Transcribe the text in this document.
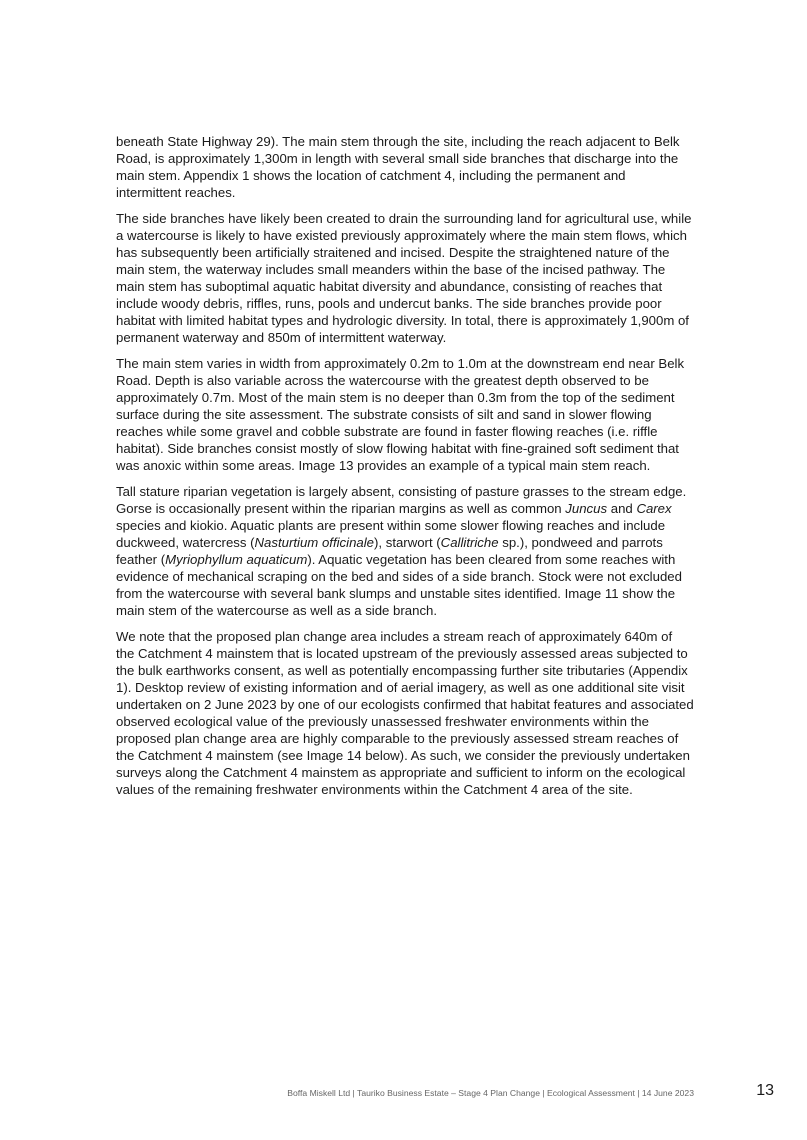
beneath State Highway 29). The main stem through the site, including the reach adjacent to Belk Road, is approximately 1,300m in length with several small side branches that discharge into the main stem. Appendix 1 shows the location of catchment 4, including the permanent and intermittent reaches.

The side branches have likely been created to drain the surrounding land for agricultural use, while a watercourse is likely to have existed previously approximately where the main stem flows, which has subsequently been artificially straitened and incised. Despite the straightened nature of the main stem, the waterway includes small meanders within the base of the incised pathway. The main stem has suboptimal aquatic habitat diversity and abundance, consisting of reaches that include woody debris, riffles, runs, pools and undercut banks. The side branches provide poor habitat with limited habitat types and hydrologic diversity. In total, there is approximately 1,900m of permanent waterway and 850m of intermittent waterway.

The main stem varies in width from approximately 0.2m to 1.0m at the downstream end near Belk Road. Depth is also variable across the watercourse with the greatest depth observed to be approximately 0.7m. Most of the main stem is no deeper than 0.3m from the top of the sediment surface during the site assessment. The substrate consists of silt and sand in slower flowing reaches while some gravel and cobble substrate are found in faster flowing reaches (i.e. riffle habitat). Side branches consist mostly of slow flowing habitat with fine-grained soft sediment that was anoxic within some areas. Image 13 provides an example of a typical main stem reach.

Tall stature riparian vegetation is largely absent, consisting of pasture grasses to the stream edge. Gorse is occasionally present within the riparian margins as well as common Juncus and Carex species and kiokio. Aquatic plants are present within some slower flowing reaches and include duckweed, watercress (Nasturtium officinale), starwort (Callitriche sp.), pondweed and parrots feather (Myriophyllum aquaticum). Aquatic vegetation has been cleared from some reaches with evidence of mechanical scraping on the bed and sides of a side branch. Stock were not excluded from the watercourse with several bank slumps and unstable sites identified. Image 11 show the main stem of the watercourse as well as a side branch.

We note that the proposed plan change area includes a stream reach of approximately 640m of the Catchment 4 mainstem that is located upstream of the previously assessed areas subjected to the bulk earthworks consent, as well as potentially encompassing further site tributaries (Appendix 1). Desktop review of existing information and of aerial imagery, as well as one additional site visit undertaken on 2 June 2023 by one of our ecologists confirmed that habitat features and associated observed ecological value of the previously unassessed freshwater environments within the proposed plan change area are highly comparable to the previously assessed stream reaches of the Catchment 4 mainstem (see Image 14 below). As such, we consider the previously undertaken surveys along the Catchment 4 mainstem as appropriate and sufficient to inform on the ecological values of the remaining freshwater environments within the Catchment 4 area of the site.

Boffa Miskell Ltd | Tauriko Business Estate – Stage 4 Plan Change | Ecological Assessment | 14 June 2023	13
